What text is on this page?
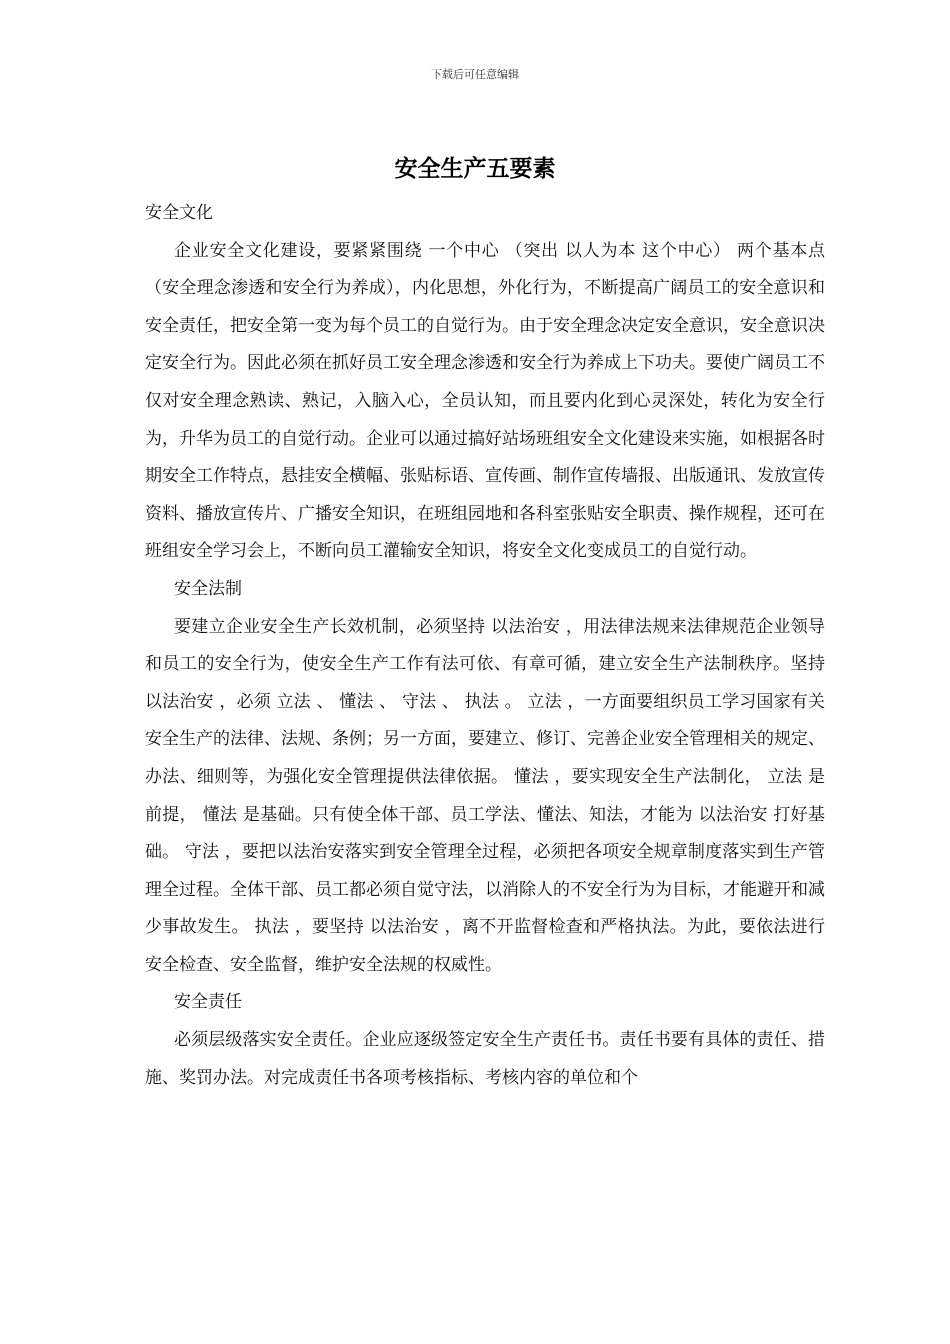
下载后可任意编辑
安全生产五要素

安全文化

企业安全文化建设，要紧紧围绕 一个中心 （突出 以人为本 这个中心） 两个基本点 （安全理念渗透和安全行为养成），内化思想，外化行为，不断提高广阔员工的安全意识和安全责任，把安全第一变为每个员工的自觉行为。由于安全理念决定安全意识，安全意识决定安全行为。因此必须在抓好员工安全理念渗透和安全行为养成上下功夫。要使广阔员工不仅对安全理念熟读、熟记，入脑入心，全员认知，而且要内化到心灵深处，转化为安全行为，升华为员工的自觉行动。企业可以通过搞好站场班组安全文化建设来实施，如根据各时期安全工作特点，悬挂安全横幅、张贴标语、宣传画、制作宣传墙报、出版通讯、发放宣传资料、播放宣传片、广播安全知识，在班组园地和各科室张贴安全职责、操作规程，还可在班组安全学习会上，不断向员工灌输安全知识，将安全文化变成员工的自觉行动。

安全法制

要建立企业安全生产长效机制，必须坚持 以法治安 ，用法律法规来法律规范企业领导和员工的安全行为，使安全生产工作有法可依、有章可循，建立安全生产法制秩序。坚持 以法治安 ，必须 立法 、 懂法 、 守法 、 执法 。 立法 ，一方面要组织员工学习国家有关安全生产的法律、法规、条例；另一方面，要建立、修订、完善企业安全管理相关的规定、办法、细则等，为强化安全管理提供法律依据。 懂法 ，要实现安全生产法制化， 立法 是前提， 懂法 是基础。只有使全体干部、员工学法、懂法、知法，才能为 以法治安 打好基础。 守法 ，要把以法治安落实到安全管理全过程，必须把各项安全规章制度落实到生产管理全过程。全体干部、员工都必须自觉守法，以消除人的不安全行为为目标，才能避开和减少事故发生。 执法 ，要坚持 以法治安 ，离不开监督检查和严格执法。为此，要依法进行安全检查、安全监督，维护安全法规的权威性。

安全责任

必须层级落实安全责任。企业应逐级签定安全生产责任书。责任书要有具体的责任、措施、奖罚办法。对完成责任书各项考核指标、考核内容的单位和个
